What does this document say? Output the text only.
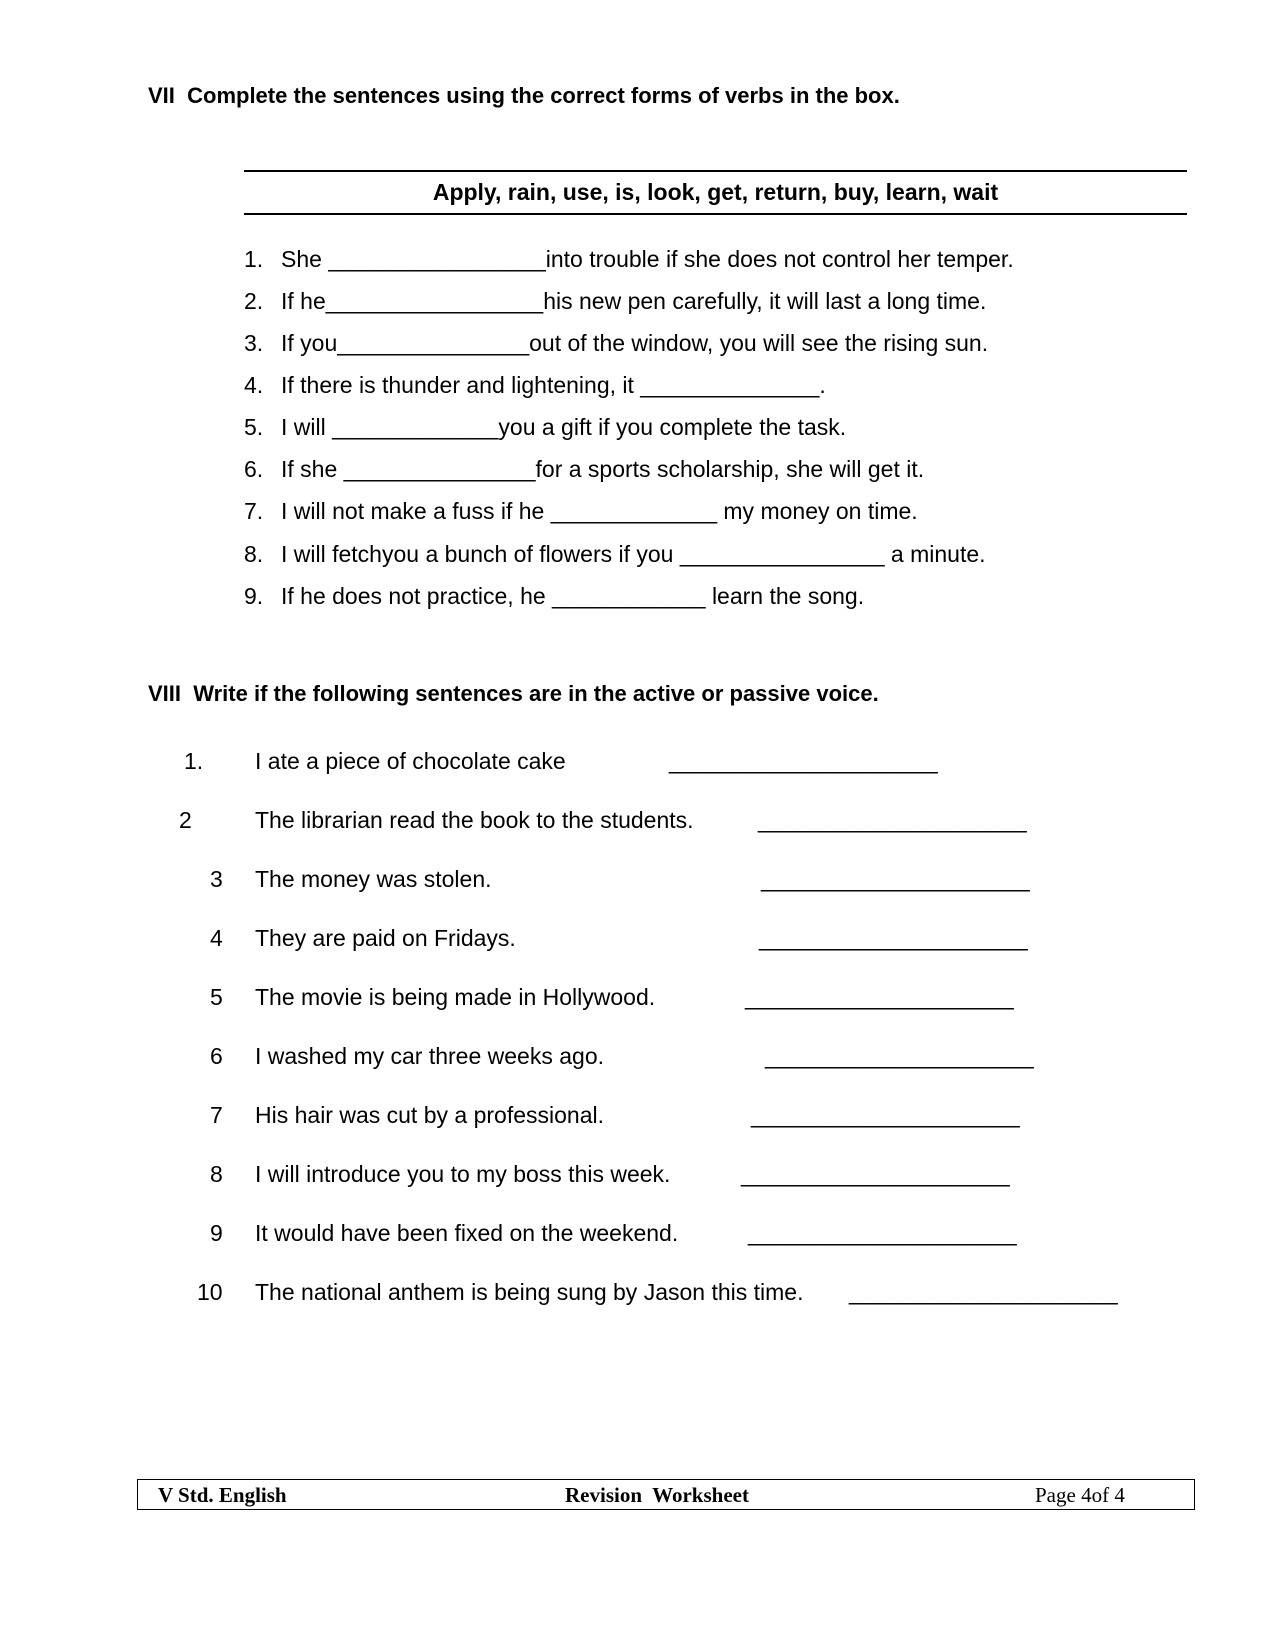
VII  Complete the sentences using the correct forms of verbs in the box.
Apply, rain, use, is, look, get, return, buy, learn, wait
1. She _________________into trouble if she does not control her temper.
2. If he_________________his new pen carefully, it will last a long time.
3. If you_______________out of the window, you will see the rising sun.
4. If there is thunder and lightening, it ______________.
5. I will _____________you a gift if you complete the task.
6. If she _______________for a sports scholarship, she will get it.
7. I will not make a fuss if he _____________ my money on time.
8. I will fetchyou a bunch of flowers if you ________________ a minute.
9. If he does not practice, he ____________ learn the song.
VIII  Write if the following sentences are in the active or passive voice.
1. I ate a piece of chocolate cake	_____________________
2	The librarian read the book to the students.	_____________________
3 The money was stolen.	_____________________
4 They are paid on Fridays.	_____________________
5 The movie is being made in Hollywood.	_____________________
6 I washed my car three weeks ago.	_____________________
7 His hair was cut by a professional.	_____________________
8 I will introduce you to my boss this week.	_____________________
9 It would have been fixed on the weekend.	_____________________
10 The national anthem is being sung by Jason this time. _____________________
V Std. English	Revision  Worksheet	Page 4of 4
